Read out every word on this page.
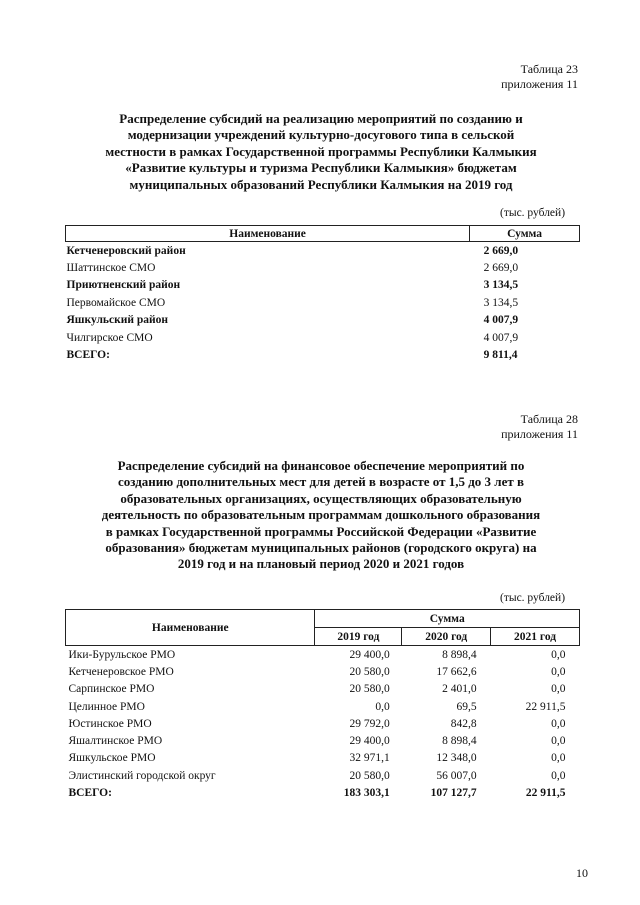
Таблица 23
приложения 11
Распределение субсидий на реализацию мероприятий по созданию и
модернизации учреждений культурно-досугового типа в сельской
местности в рамках Государственной программы Республики Калмыкия
«Развитие культуры и туризма Республики Калмыкия» бюджетам
муниципальных образований Республики Калмыкия на 2019 год
(тыс. рублей)
Наименование	Сумма
Кетченеровский район	2 669,0
Шаттинское СМО	2 669,0
Приютненский район	3 134,5
Первомайское СМО	3 134,5
Яшкульский район	4 007,9
Чилгирское СМО	4 007,9
ВСЕГО:	9 811,4
Таблица 28
приложения 11
Распределение субсидий на финансовое обеспечение мероприятий по
созданию дополнительных мест для детей в возрасте от 1,5 до 3 лет в
образовательных организациях, осуществляющих образовательную
деятельность по образовательным программам дошкольного образования
в рамках Государственной программы Российской Федерации «Развитие
образования» бюджетам муниципальных районов (городского округа) на
2019 год и на плановый период 2020 и 2021 годов
(тыс. рублей)
Наименование	Сумма		
	2019 год	2020 год	2021 год
Ики-Бурульское РМО	29 400,0	8 898,4	0,0
Кетченеровское РМО	20 580,0	17 662,6	0,0
Сарпинское РМО	20 580,0	2 401,0	0,0
Целинное РМО	0,0	69,5	22 911,5
Юстинское РМО	29 792,0	842,8	0,0
Яшалтинское РМО	29 400,0	8 898,4	0,0
Яшкульское РМО	32 971,1	12 348,0	0,0
Элистинский городской округ	20 580,0	56 007,0	0,0
ВСЕГО:	183 303,1	107 127,7	22 911,5
10
